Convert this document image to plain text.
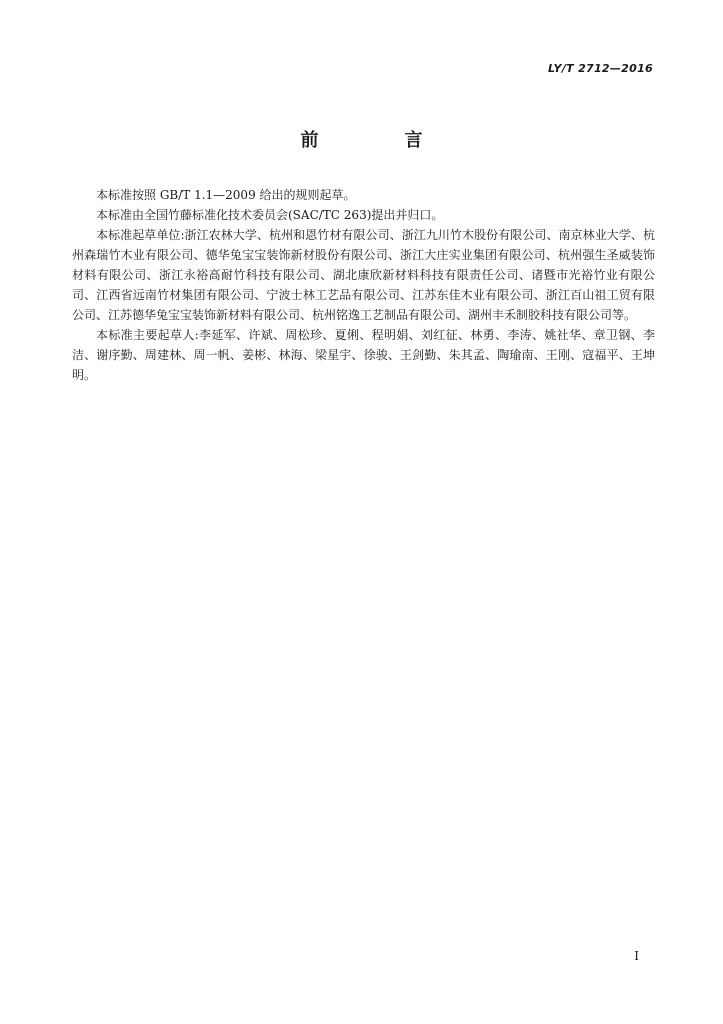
LY/T 2712—2016
前　言

本标准按照 GB/T 1.1—2009 给出的规则起草。

本标准由全国竹藤标准化技术委员会(SAC/TC 263)提出并归口。

本标准起草单位:浙江农林大学、杭州和恩竹材有限公司、浙江九川竹木股份有限公司、南京林业大学、杭州森瑞竹木业有限公司、德华兔宝宝装饰新材股份有限公司、浙江大庄实业集团有限公司、杭州强生圣威装饰材料有限公司、浙江永裕高耐竹科技有限公司、湖北康欣新材料科技有限责任公司、诸暨市光裕竹业有限公司、江西省远南竹材集团有限公司、宁波士林工艺品有限公司、江苏东佳木业有限公司、浙江百山祖工贸有限公司、江苏德华兔宝宝装饰新材料有限公司、杭州铭逸工艺制品有限公司、湖州丰禾制胶科技有限公司等。

本标准主要起草人:李延军、许斌、周松珍、夏俐、程明娟、刘红征、林勇、李涛、姚社华、章卫钢、李洁、谢序勤、周建林、周一帆、姜彬、林海、梁星宇、徐骏、王剑勤、朱其孟、陶瑜南、王刚、寇福平、王坤明。

I
